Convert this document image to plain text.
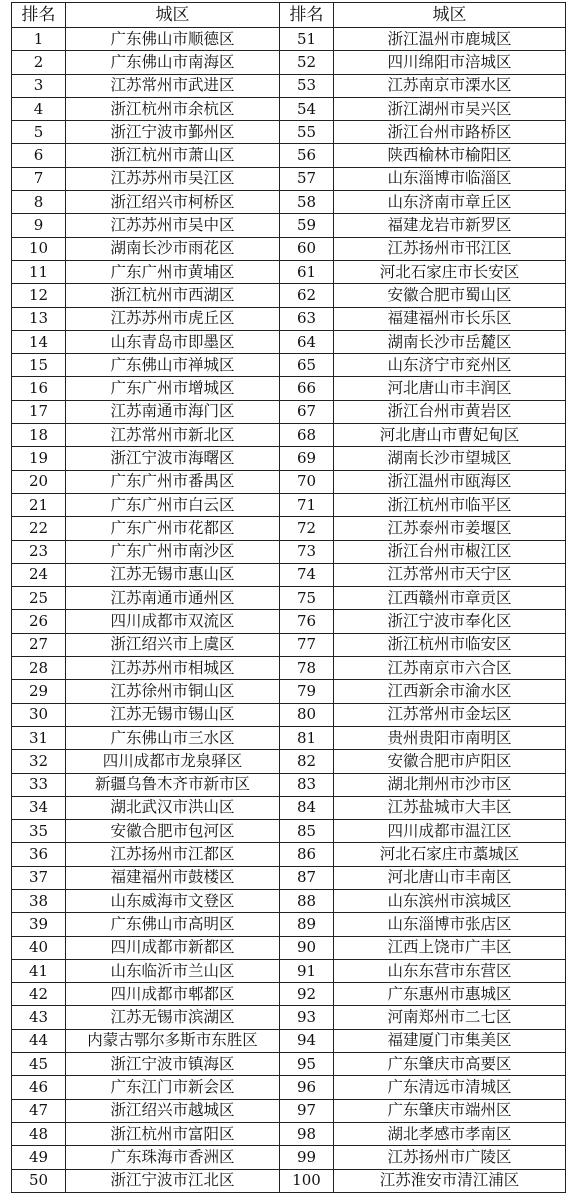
排名	城区	排名	城区
1	广东佛山市顺德区	51	浙江温州市鹿城区
2	广东佛山市南海区	52	四川绵阳市涪城区
3	江苏常州市武进区	53	江苏南京市溧水区
4	浙江杭州市余杭区	54	浙江湖州市吴兴区
5	浙江宁波市鄞州区	55	浙江台州市路桥区
6	浙江杭州市萧山区	56	陕西榆林市榆阳区
7	江苏苏州市吴江区	57	山东淄博市临淄区
8	浙江绍兴市柯桥区	58	山东济南市章丘区
9	江苏苏州市吴中区	59	福建龙岩市新罗区
10	湖南长沙市雨花区	60	江苏扬州市邗江区
11	广东广州市黄埔区	61	河北石家庄市长安区
12	浙江杭州市西湖区	62	安徽合肥市蜀山区
13	江苏苏州市虎丘区	63	福建福州市长乐区
14	山东青岛市即墨区	64	湖南长沙市岳麓区
15	广东佛山市禅城区	65	山东济宁市兖州区
16	广东广州市增城区	66	河北唐山市丰润区
17	江苏南通市海门区	67	浙江台州市黄岩区
18	江苏常州市新北区	68	河北唐山市曹妃甸区
19	浙江宁波市海曙区	69	湖南长沙市望城区
20	广东广州市番禺区	70	浙江温州市瓯海区
21	广东广州市白云区	71	浙江杭州市临平区
22	广东广州市花都区	72	江苏泰州市姜堰区
23	广东广州市南沙区	73	浙江台州市椒江区
24	江苏无锡市惠山区	74	江苏常州市天宁区
25	江苏南通市通州区	75	江西赣州市章贡区
26	四川成都市双流区	76	浙江宁波市奉化区
27	浙江绍兴市上虞区	77	浙江杭州市临安区
28	江苏苏州市相城区	78	江苏南京市六合区
29	江苏徐州市铜山区	79	江西新余市渝水区
30	江苏无锡市锡山区	80	江苏常州市金坛区
31	广东佛山市三水区	81	贵州贵阳市南明区
32	四川成都市龙泉驿区	82	安徽合肥市庐阳区
33	新疆乌鲁木齐市新市区	83	湖北荆州市沙市区
34	湖北武汉市洪山区	84	江苏盐城市大丰区
35	安徽合肥市包河区	85	四川成都市温江区
36	江苏扬州市江都区	86	河北石家庄市藁城区
37	福建福州市鼓楼区	87	河北唐山市丰南区
38	山东威海市文登区	88	山东滨州市滨城区
39	广东佛山市高明区	89	山东淄博市张店区
40	四川成都市新都区	90	江西上饶市广丰区
41	山东临沂市兰山区	91	山东东营市东营区
42	四川成都市郫都区	92	广东惠州市惠城区
43	江苏无锡市滨湖区	93	河南郑州市二七区
44	内蒙古鄂尔多斯市东胜区	94	福建厦门市集美区
45	浙江宁波市镇海区	95	广东肇庆市高要区
46	广东江门市新会区	96	广东清远市清城区
47	浙江绍兴市越城区	97	广东肇庆市端州区
48	浙江杭州市富阳区	98	湖北孝感市孝南区
49	广东珠海市香洲区	99	江苏扬州市广陵区
50	浙江宁波市江北区	100	江苏淮安市清江浦区
